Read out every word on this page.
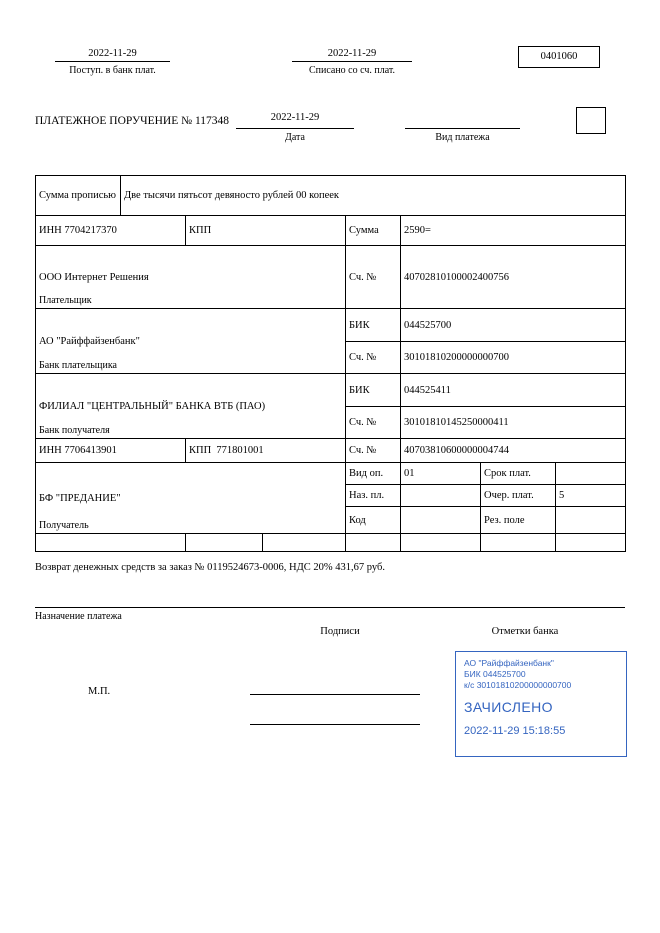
2022-11-29
Поступ. в банк плат.
2022-11-29
Списано со сч. плат.
0401060
ПЛАТЕЖНОЕ ПОРУЧЕНИЕ № 117348	2022-11-29
Дата	Вид платежа
Сумма прописью	Две тысячи пятьсот девяносто рублей 00 копеек						
ИНН 7704217370		КПП		Сумма	2590=		

ООО Интернет Решения
Плательщик				Сч. №	40702810100002400756		

АО "Райффайзенбанк"
Банк плательщика				БИК	044525700		
				Сч. №	30101810200000000700		

ФИЛИАЛ "ЦЕНТРАЛЬНЫЙ" БАНКА ВТБ (ПАО)
Банк получателя				БИК	044525411		
				Сч. №	30101810145250000411		
ИНН 7706413901		КПП  771801001		Сч. №	40703810600000004744		

БФ "ПРЕДАНИЕ"
Получатель				Вид оп.	01	Срок плат.	
				Наз. пл.		Очер. плат.	5
				Код		Рез. поле	

Возврат денежных средств за заказ № 0119524673-0006, НДС 20% 431,67 руб.
Назначение платежа
Подписи	Отметки банка
АО "Райффайзенбанк"
БИК 044525700
к/с 30101810200000000700
ЗАЧИСЛЕНО
2022-11-29 15:18:55
М.П.
